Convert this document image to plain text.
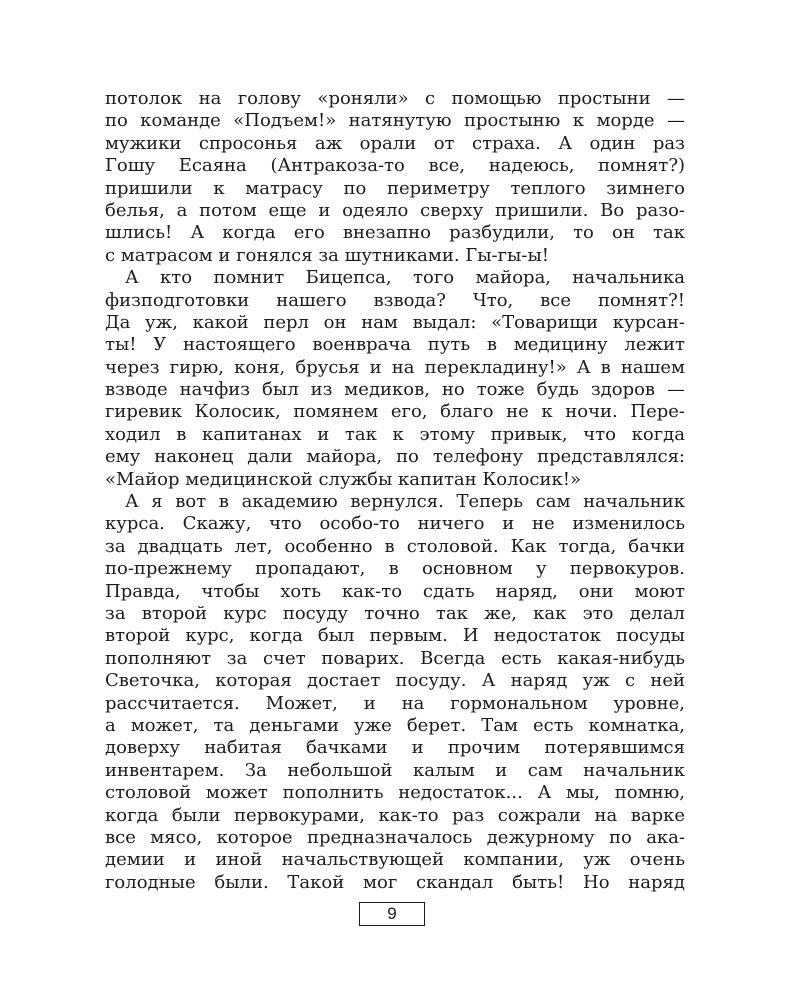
потолок на голову «роняли» с помощью простыни —
по команде «Подъем!» натянутую простыню к морде —
мужики спросонья аж орали от страха. А один раз
Гошу Есаяна (Антракоза-то все, надеюсь, помнят?)
пришили к матрасу по периметру теплого зимнего
белья, а потом еще и одеяло сверху пришили. Во разо-
шлись! А когда его внезапно разбудили, то он так
с матрасом и гонялся за шутниками. Гы-гы-ы!
А кто помнит Бицепса, того майора, начальника
физподготовки нашего взвода? Что, все помнят?!
Да уж, какой перл он нам выдал: «Товарищи курсан-
ты! У настоящего военврача путь в медицину лежит
через гирю, коня, брусья и на перекладину!» А в нашем
взводе начфиз был из медиков, но тоже будь здоров —
гиревик Колосик, помянем его, благо не к ночи. Пере-
ходил в капитанах и так к этому привык, что когда
ему наконец дали майора, по телефону представлялся:
«Майор медицинской службы капитан Колосик!»
А я вот в академию вернулся. Теперь сам начальник
курса. Скажу, что особо-то ничего и не изменилось
за двадцать лет, особенно в столовой. Как тогда, бачки
по-прежнему пропадают, в основном у первокуров.
Правда, чтобы хоть как-то сдать наряд, они моют
за второй курс посуду точно так же, как это делал
второй курс, когда был первым. И недостаток посуды
пополняют за счет поварих. Всегда есть какая-нибудь
Светочка, которая достает посуду. А наряд уж с ней
рассчитается. Может, и на гормональном уровне,
а может, та деньгами уже берет. Там есть комнатка,
доверху набитая бачками и прочим потерявшимся
инвентарем. За небольшой калым и сам начальник
столовой может пополнить недостаток... А мы, помню,
когда были первокурами, как-то раз сожрали на варке
все мясо, которое предназначалось дежурному по ака-
демии и иной начальствующей компании, уж очень
голодные были. Такой мог скандал быть! Но наряд
9
